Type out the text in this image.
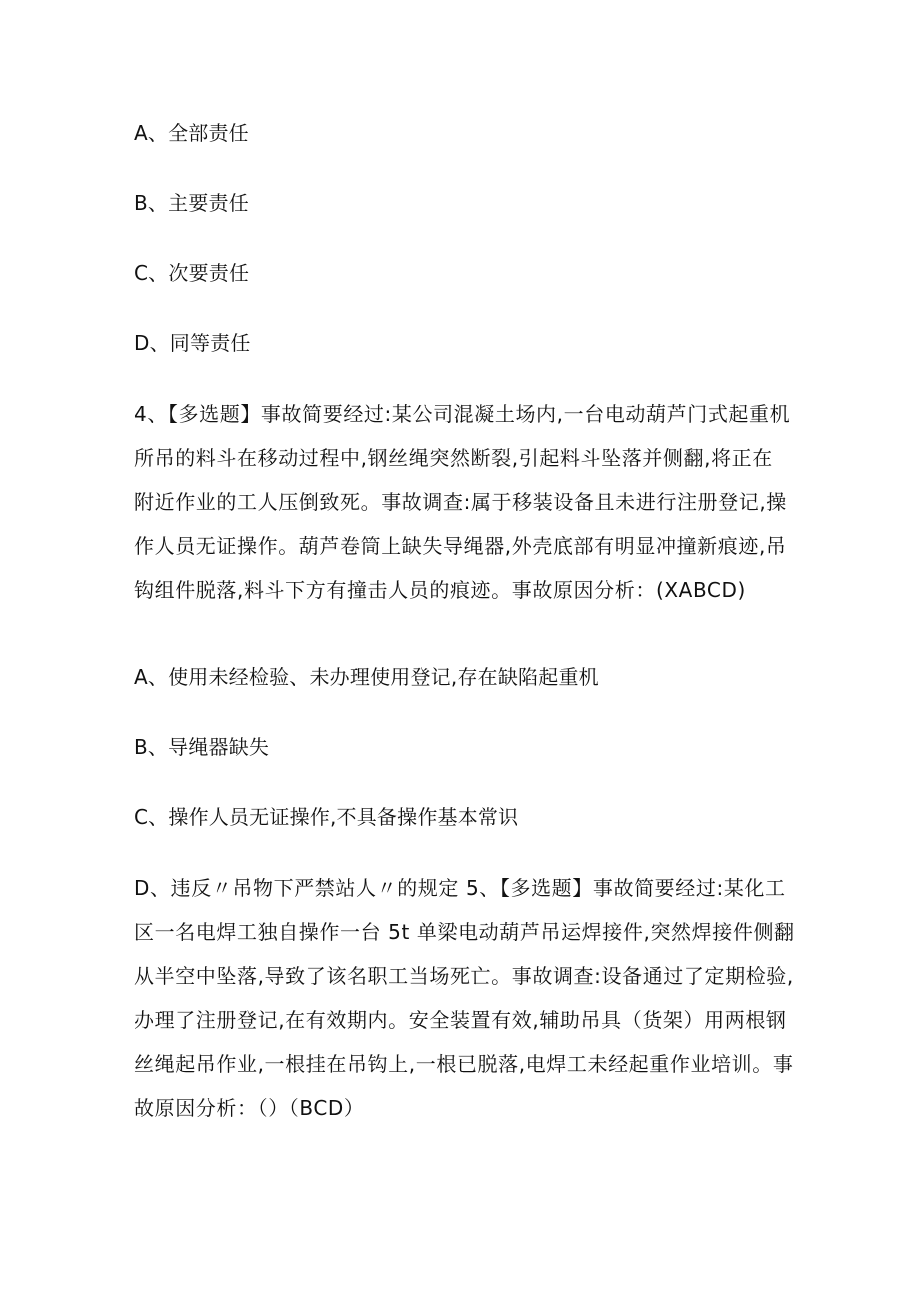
A、全部责任
B、主要责任
C、次要责任
D、同等责任
4、【多选题】事故简要经过:某公司混凝土场内,一台电动葫芦门式起重机
所吊的料斗在移动过程中,钢丝绳突然断裂,引起料斗坠落并侧翻,将正在
附近作业的工人压倒致死。事故调查:属于移装设备且未进行注册登记,操
作人员无证操作。葫芦卷筒上缺失导绳器,外壳底部有明显冲撞新痕迹,吊
钩组件脱落,料斗下方有撞击人员的痕迹。事故原因分析：(XABCD)
A、使用未经检验、未办理使用登记,存在缺陷起重机
B、导绳器缺失
C、操作人员无证操作,不具备操作基本常识
D、违反〃吊物下严禁站人〃的规定 5、【多选题】事故简要经过:某化工
区一名电焊工独自操作一台 5t 单梁电动葫芦吊运焊接件,突然焊接件侧翻
从半空中坠落,导致了该名职工当场死亡。事故调查:设备通过了定期检验,
办理了注册登记,在有效期内。安全装置有效,辅助吊具（货架）用两根钢
丝绳起吊作业,一根挂在吊钩上,一根已脱落,电焊工未经起重作业培训。事
故原因分析：（）（BCD）
